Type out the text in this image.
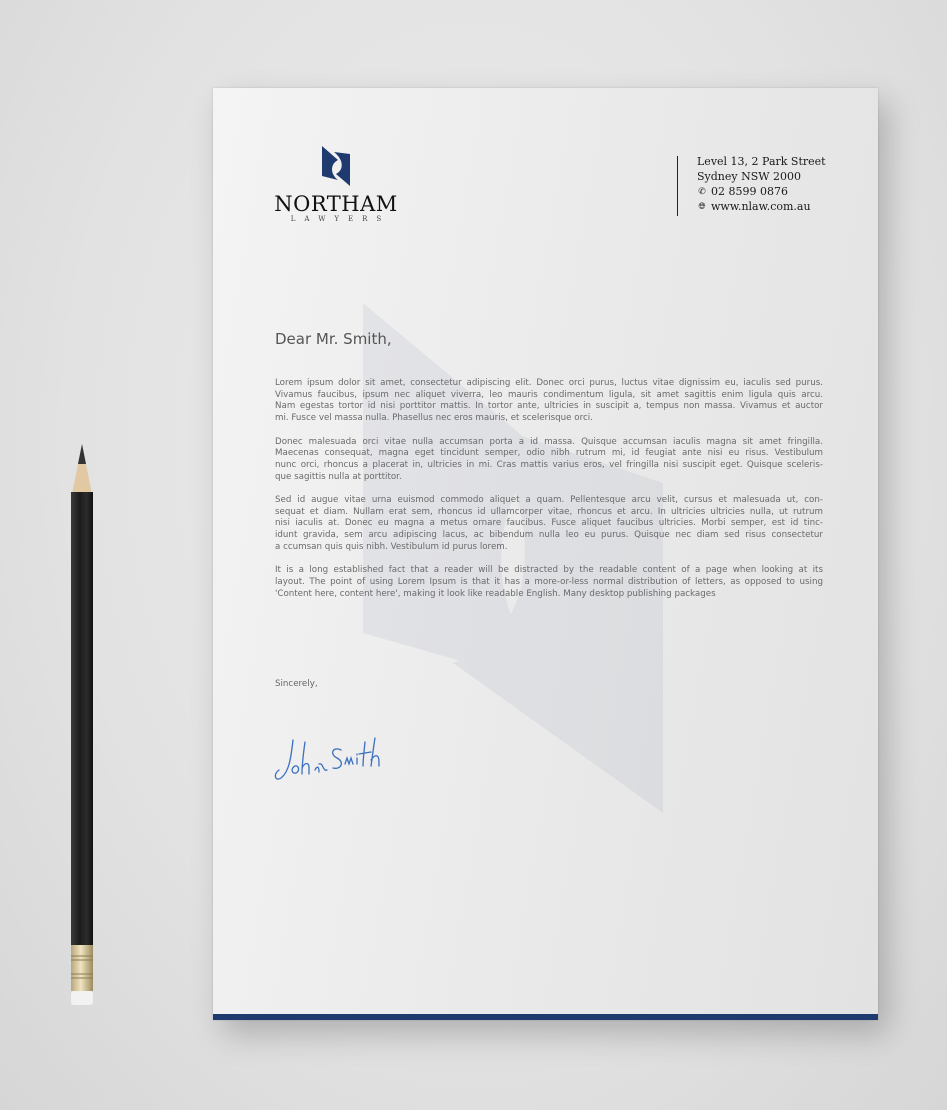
NORTHAM
LAWYERS
Level 13, 2 Park Street
Sydney NSW 2000
✆ 02 8599 0876
🌐︎ www.nlaw.com.au
Dear Mr. Smith,
Lorem ipsum dolor sit amet, consectetur adipiscing elit. Donec orci purus, luctus vitae dignissim eu, iaculis sed purus.
Vivamus faucibus, ipsum nec aliquet viverra, leo mauris condimentum ligula, sit amet sagittis enim ligula quis arcu.
Nam egestas tortor id nisi porttitor mattis. In tortor ante, ultricies in suscipit a, tempus non massa. Vivamus et auctor
mi. Fusce vel massa nulla. Phasellus nec eros mauris, et scelerisque orci.
Donec malesuada orci vitae nulla accumsan porta a id massa. Quisque accumsan iaculis magna sit amet fringilla.
Maecenas consequat, magna eget tincidunt semper, odio nibh rutrum mi, id feugiat ante nisi eu risus. Vestibulum
nunc orci, rhoncus a placerat in, ultricies in mi. Cras mattis varius eros, vel fringilla nisi suscipit eget. Quisque sceleris-
que sagittis nulla at porttitor.
Sed id augue vitae urna euismod commodo aliquet a quam. Pellentesque arcu velit, cursus et malesuada ut, con-
sequat et diam. Nullam erat sem, rhoncus id ullamcorper vitae, rhoncus et arcu. In ultricies ultricies nulla, ut rutrum
nisi iaculis at. Donec eu magna a metus ornare faucibus. Fusce aliquet faucibus ultricies. Morbi semper, est id tinc-
idunt gravida, sem arcu adipiscing lacus, ac bibendum nulla leo eu purus. Quisque nec diam sed risus consectetur
a ccumsan quis quis nibh. Vestibulum id purus lorem.
It is a long established fact that a reader will be distracted by the readable content of a page when looking at its
layout. The point of using Lorem Ipsum is that it has a more-or-less normal distribution of letters, as opposed to using
'Content here, content here', making it look like readable English. Many desktop publishing packages
Sincerely,
